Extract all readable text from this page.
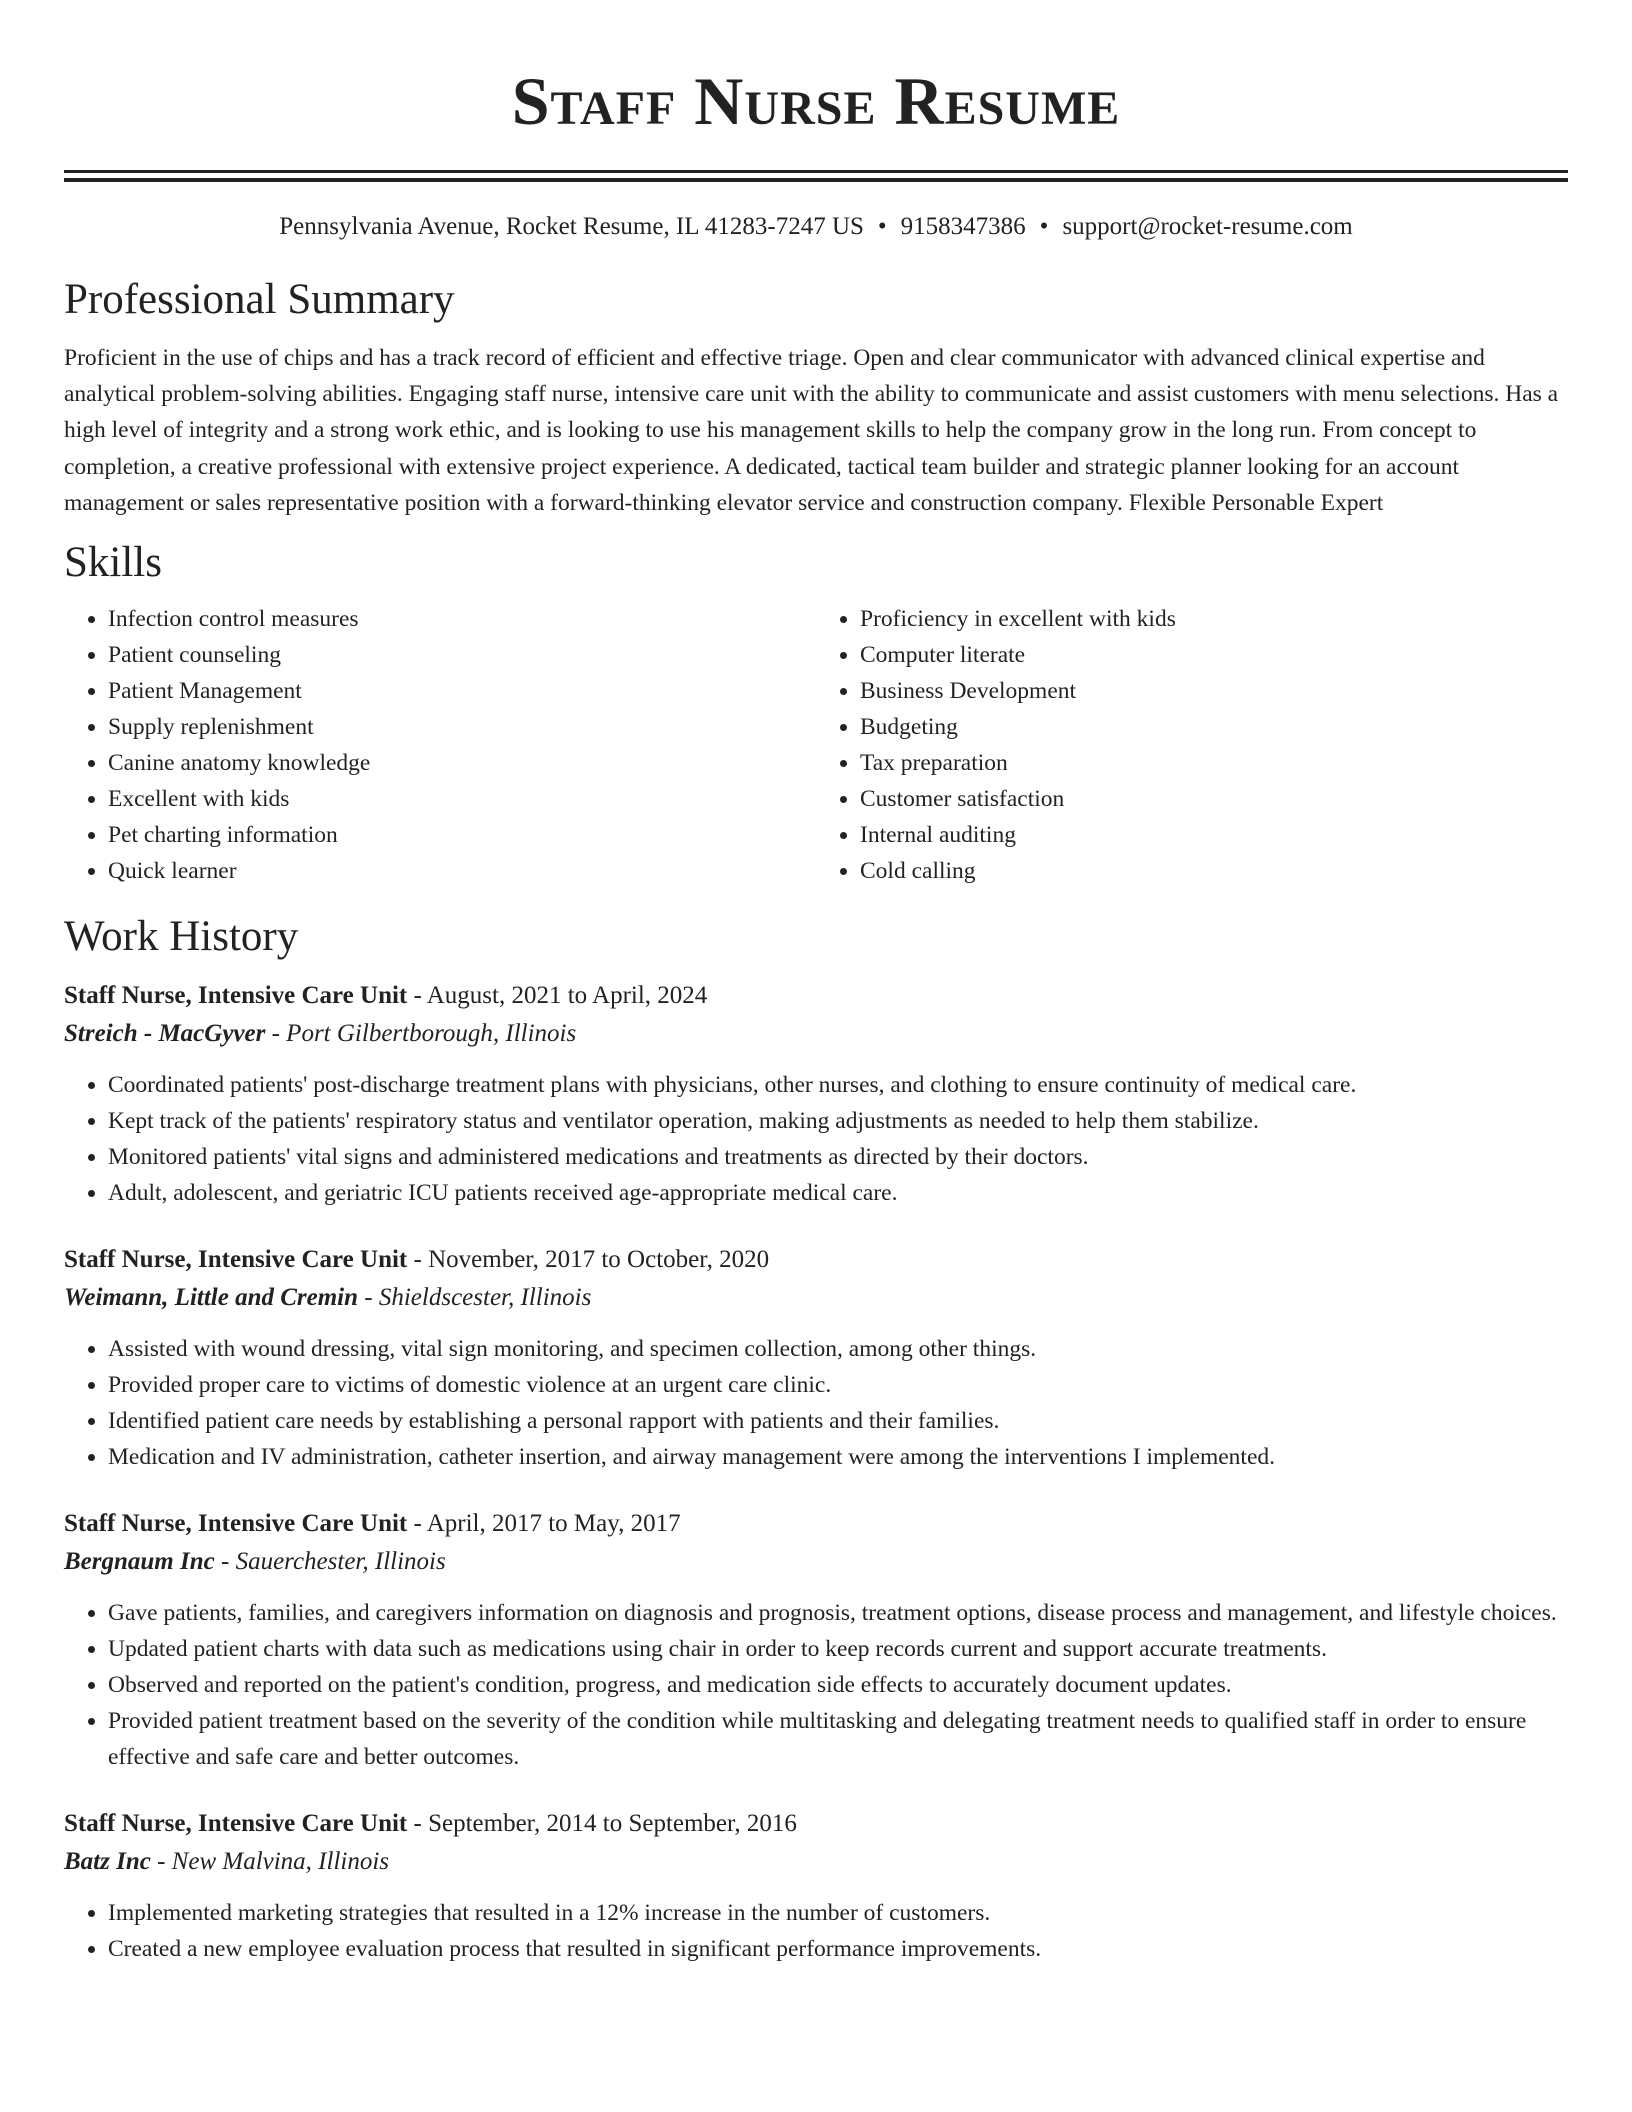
Staff Nurse Resume
Pennsylvania Avenue, Rocket Resume, IL 41283-7247 US • 9158347386 • support@rocket-resume.com
Professional Summary

Proficient in the use of chips and has a track record of efficient and effective triage. Open and clear communicator with advanced clinical expertise and analytical problem-solving abilities. Engaging staff nurse, intensive care unit with the ability to communicate and assist customers with menu selections. Has a high level of integrity and a strong work ethic, and is looking to use his management skills to help the company grow in the long run. From concept to completion, a creative professional with extensive project experience. A dedicated, tactical team builder and strategic planner looking for an account management or sales representative position with a forward-thinking elevator service and construction company. Flexible Personable Expert

Skills
• Infection control measures
• Patient counseling
• Patient Management
• Supply replenishment
• Canine anatomy knowledge
• Excellent with kids
• Pet charting information
• Quick learner
• Proficiency in excellent with kids
• Computer literate
• Business Development
• Budgeting
• Tax preparation
• Customer satisfaction
• Internal auditing
• Cold calling
Work History
Staff Nurse, Intensive Care Unit - August, 2021 to April, 2024
Streich - MacGyver - Port Gilbertborough, Illinois
• Coordinated patients' post-discharge treatment plans with physicians, other nurses, and clothing to ensure continuity of medical care.
• Kept track of the patients' respiratory status and ventilator operation, making adjustments as needed to help them stabilize.
• Monitored patients' vital signs and administered medications and treatments as directed by their doctors.
• Adult, adolescent, and geriatric ICU patients received age-appropriate medical care.
Staff Nurse, Intensive Care Unit - November, 2017 to October, 2020
Weimann, Little and Cremin - Shieldscester, Illinois
• Assisted with wound dressing, vital sign monitoring, and specimen collection, among other things.
• Provided proper care to victims of domestic violence at an urgent care clinic.
• Identified patient care needs by establishing a personal rapport with patients and their families.
• Medication and IV administration, catheter insertion, and airway management were among the interventions I implemented.
Staff Nurse, Intensive Care Unit - April, 2017 to May, 2017
Bergnaum Inc - Sauerchester, Illinois
• Gave patients, families, and caregivers information on diagnosis and prognosis, treatment options, disease process and management, and lifestyle choices.
• Updated patient charts with data such as medications using chair in order to keep records current and support accurate treatments.
• Observed and reported on the patient's condition, progress, and medication side effects to accurately document updates.
• Provided patient treatment based on the severity of the condition while multitasking and delegating treatment needs to qualified staff in order to ensure effective and safe care and better outcomes.
Staff Nurse, Intensive Care Unit - September, 2014 to September, 2016
Batz Inc - New Malvina, Illinois
• Implemented marketing strategies that resulted in a 12% increase in the number of customers.
• Created a new employee evaluation process that resulted in significant performance improvements.
